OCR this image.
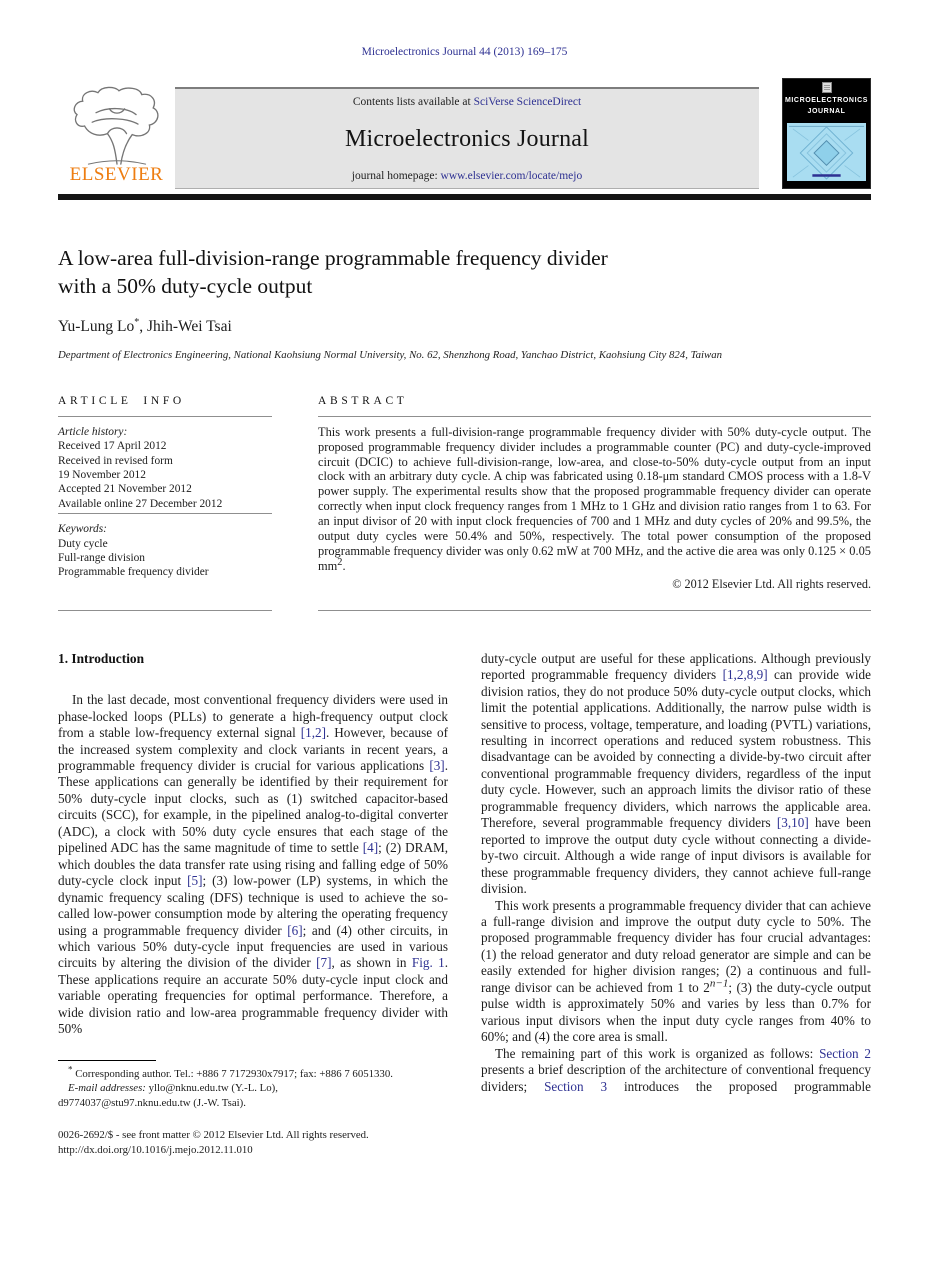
Microelectronics Journal 44 (2013) 169–175
ELSEVIER
Contents lists available at SciVerse ScienceDirect
Microelectronics Journal
journal homepage: www.elsevier.com/locate/mejo
MICROELECTRONICS
JOURNAL
A low-area full-division-range programmable frequency divider
with a 50% duty-cycle output
Yu-Lung Lo*, Jhih-Wei Tsai
Department of Electronics Engineering, National Kaohsiung Normal University, No. 62, Shenzhong Road, Yanchao District, Kaohsiung City 824, Taiwan
ARTICLE INFO
Article history:
Received 17 April 2012
Received in revised form
19 November 2012
Accepted 21 November 2012
Available online 27 December 2012
Keywords:
Duty cycle
Full-range division
Programmable frequency divider
ABSTRACT
This work presents a full-division-range programmable frequency divider with 50% duty-cycle output. The proposed programmable frequency divider includes a programmable counter (PC) and duty-cycle-improved circuit (DCIC) to achieve full-division-range, low-area, and close-to-50% duty-cycle output from an input clock with an arbitrary duty cycle. A chip was fabricated using 0.18-μm standard CMOS process with a 1.8-V power supply. The experimental results show that the proposed programmable frequency divider can operate correctly when input clock frequency ranges from 1 MHz to 1 GHz and division ratio ranges from 1 to 63. For an input divisor of 20 with input clock frequencies of 700 and 1 MHz and duty cycles of 20% and 99.5%, the output duty cycles were 50.4% and 50%, respectively. The total power consumption of the proposed programmable frequency divider was only 0.62 mW at 700 MHz, and the active die area was only 0.125 × 0.05 $mm^2$.
© 2012 Elsevier Ltd. All rights reserved.
1. Introduction

In the last decade, most conventional frequency dividers were used in phase-locked loops (PLLs) to generate a high-frequency output clock from a stable low-frequency external signal [1,2]. However, because of the increased system complexity and clock variants in recent years, a programmable frequency divider is crucial for various applications [3]. These applications can generally be identified by their requirement for 50% duty-cycle input clocks, such as (1) switched capacitor-based circuits (SCC), for example, in the pipelined analog-to-digital converter (ADC), a clock with 50% duty cycle ensures that each stage of the pipelined ADC has the same magnitude of time to settle [4]; (2) DRAM, which doubles the data transfer rate using rising and falling edge of 50% duty-cycle clock input [5]; (3) low-power (LP) systems, in which the dynamic frequency scaling (DFS) technique is used to achieve the so-called low-power consumption mode by altering the operating frequency using a programmable frequency divider [6]; and (4) other circuits, in which various 50% duty-cycle input frequencies are used in various circuits by altering the division of the divider [7], as shown in Fig. 1. These applications require an accurate 50% duty-cycle input clock and variable operating frequencies for optimal performance. Therefore, a wide division ratio and low-area programmable frequency divider with 50%

* Corresponding author. Tel.: +886 7 7172930x7917; fax: +886 7 6051330.

E-mail addresses: yllo@nknu.edu.tw (Y.-L. Lo),
d9774037@stu97.nknu.edu.tw (J.-W. Tsai).

0026-2692/$ - see front matter © 2012 Elsevier Ltd. All rights reserved.
http://dx.doi.org/10.1016/j.mejo.2012.11.010

duty-cycle output are useful for these applications. Although previously reported programmable frequency dividers [1,2,8,9] can provide wide division ratios, they do not produce 50% duty-cycle output clocks, which limit the potential applications. Additionally, the narrow pulse width is sensitive to process, voltage, temperature, and loading (PVTL) variations, resulting in incorrect operations and reduced system robustness. This disadvantage can be avoided by connecting a divide-by-two circuit after conventional programmable frequency dividers, regardless of the input duty cycle. However, such an approach limits the divisor ratio of these programmable frequency dividers, which narrows the applicable area. Therefore, several programmable frequency dividers [3,10] have been reported to improve the output duty cycle without connecting a divide-by-two circuit. Although a wide range of input divisors is available for these programmable frequency dividers, they cannot achieve full-range division.

This work presents a programmable frequency divider that can achieve a full-range division and improve the output duty cycle to 50%. The proposed programmable frequency divider has four crucial advantages: (1) the reload generator and duty reload generator are simple and can be easily extended for higher division ranges; (2) a continuous and full-range divisor can be achieved from 1 to $2^{n-1}$; (3) the duty-cycle output pulse width is approximately 50% and varies by less than 0.7% for various input divisors when the input duty cycle ranges from 40% to 60%; and (4) the core area is small.

The remaining part of this work is organized as follows: Section 2 presents a brief description of the architecture of conventional frequency dividers; Section 3 introduces the proposed programmable
